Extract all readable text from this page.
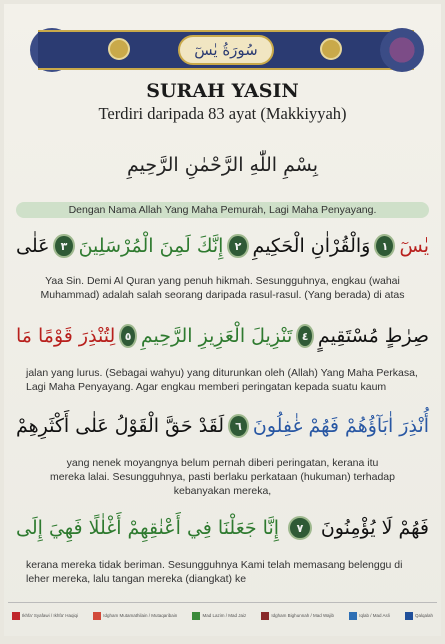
سُورَةُ يٰسٓ
SURAH YASIN
Terdiri daripada 83 ayat (Makkiyyah)
بِسْمِ اللّٰهِ الرَّحْمٰنِ الرَّحِيمِ
Dengan Nama Allah Yang Maha Pemurah, Lagi Maha Penyayang.
يٰسٓ
١
وَالْقُرْاٰنِ الْحَكِيمِ
٢
إِنَّكَ لَمِنَ الْمُرْسَلِينَ
٣
عَلٰى
Yaa Sin. Demi Al Quran yang penuh hikmah. Sesungguhnya, engkau (wahai
Muhammad) adalah salah seorang daripada rasul-rasul. (Yang berada) di atas
صِرٰطٍ مُسْتَقِيمٍ
٤
تَنْزِيلَ الْعَزِيزِ الرَّحِيمِ
٥
لِتُنْذِرَ قَوْمًا مَا
jalan yang lurus. (Sebagai wahyu) yang diturunkan oleh (Allah) Yang Maha Perkasa,
Lagi Maha Penyayang. Agar engkau memberi peringatan kepada suatu kaum
أُنْذِرَ اٰبَآؤُهُمْ فَهُمْ غٰفِلُونَ
٦
لَقَدْ حَقَّ الْقَوْلُ عَلٰى أَكْثَرِهِمْ
yang nenek moyangnya belum pernah diberi peringatan, kerana itu
mereka lalai. Sesungguhnya, pasti berlaku perkataan (hukuman) terhadap
kebanyakan mereka,
فَهُمْ لَا يُؤْمِنُونَ
٧
إِنَّا جَعَلْنَا فِي أَعْنٰقِهِمْ أَغْلٰلًا فَهِيَ إِلَى
kerana mereka tidak beriman. Sesungguhnya Kami telah memasang belenggu di
leher mereka, lalu tangan mereka (diangkat) ke
Ikhfa' Syafawi / Ikhfa' Haqiqi	Idgham Mutamathilain / Mutaqaribain	Mad Lazim / Mad Jaiz	Idgham Bighunnah / Mad Wajib	Iqlab / Mad Asli	Qalqalah
